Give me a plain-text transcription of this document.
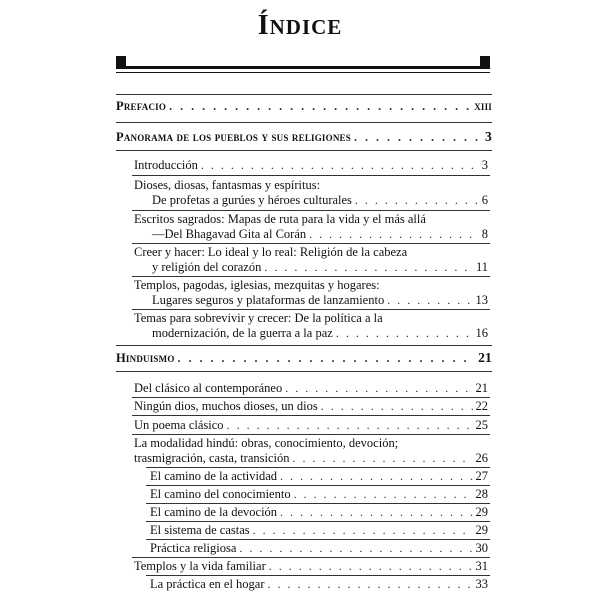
ÍNDICE
Prefacio . . .	xiii
Panorama de los pueblos y sus religiones . . .	3
Introducción . . .	3
Dioses, diosas, fantasmas y espíritus:
De profetas a gurúes y héroes culturales . . .	6
Escritos sagrados: Mapas de ruta para la vida y el más allá
—Del Bhagavad Gita al Corán . . .	8
Creer y hacer: Lo ideal y lo real: Religión de la cabeza
y religión del corazón . . .	11
Templos, pagodas, iglesias, mezquitas y hogares:
Lugares seguros y plataformas de lanzamiento . . .	13
Temas para sobrevivir y crecer: De la política a la
modernización, de la guerra a la paz . . .	16
Hinduismo . . .	21
Del clásico al contemporáneo . . .	21
Ningún dios, muchos dioses, un dios . . .	22
Un poema clásico . . .	25
La modalidad hindú: obras, conocimiento, devoción;
trasmigración, casta, transición . . .	26
El camino de la actividad . . .	27
El camino del conocimiento . . .	28
El camino de la devoción . . .	29
El sistema de castas . . .	29
Práctica religiosa . . .	30
Templos y la vida familiar . . .	31
La práctica en el hogar . . .	33
